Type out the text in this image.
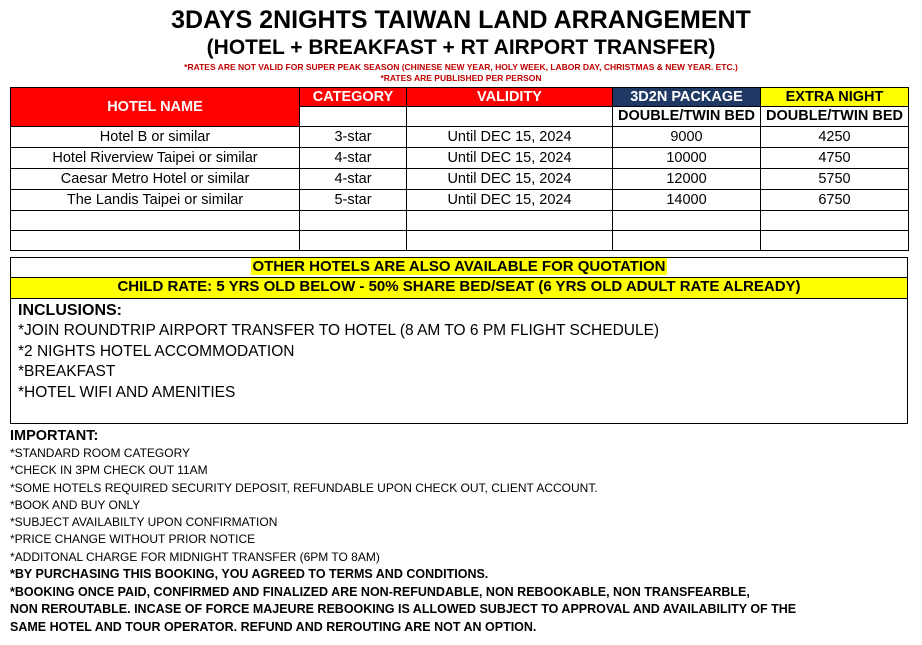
3DAYS 2NIGHTS TAIWAN LAND ARRANGEMENT
(HOTEL + BREAKFAST + RT AIRPORT TRANSFER)
*RATES ARE NOT VALID FOR SUPER PEAK SEASON (CHINESE NEW YEAR, HOLY WEEK, LABOR DAY, CHRISTMAS & NEW YEAR. ETC.)
*RATES ARE PUBLISHED PER PERSON
HOTEL NAME	CATEGORY	VALIDITY	3D2N PACKAGE	EXTRA NIGHT
			DOUBLE/TWIN BED	DOUBLE/TWIN BED
Hotel B or similar	3-star	Until DEC 15, 2024	9000	4250
Hotel Riverview Taipei or similar	4-star	Until DEC 15, 2024	10000	4750
Caesar Metro Hotel or similar	4-star	Until DEC 15, 2024	12000	5750
The Landis Taipei or similar	5-star	Until DEC 15, 2024	14000	6750

OTHER HOTELS ARE ALSO AVAILABLE FOR QUOTATION
CHILD RATE: 5 YRS OLD BELOW - 50% SHARE BED/SEAT (6 YRS OLD ADULT RATE ALREADY)
INCLUSIONS:
*JOIN ROUNDTRIP AIRPORT TRANSFER TO HOTEL (8 AM TO 6 PM FLIGHT SCHEDULE)
*2 NIGHTS HOTEL ACCOMMODATION
*BREAKFAST
*HOTEL WIFI AND AMENITIES
IMPORTANT:
*STANDARD ROOM CATEGORY
*CHECK IN 3PM CHECK OUT 11AM
*SOME HOTELS REQUIRED SECURITY DEPOSIT, REFUNDABLE UPON CHECK OUT, CLIENT ACCOUNT.
*BOOK AND BUY ONLY
*SUBJECT AVAILABILTY UPON CONFIRMATION
*PRICE CHANGE WITHOUT PRIOR NOTICE
*ADDITONAL CHARGE FOR MIDNIGHT TRANSFER (6PM TO 8AM)
*BY PURCHASING THIS BOOKING, YOU AGREED TO TERMS AND CONDITIONS.
*BOOKING ONCE PAID, CONFIRMED AND FINALIZED ARE NON-REFUNDABLE, NON REBOOKABLE, NON TRANSFEARBLE,
NON REROUTABLE. INCASE OF FORCE MAJEURE REBOOKING IS ALLOWED SUBJECT TO APPROVAL AND AVAILABILITY OF THE
SAME HOTEL AND TOUR OPERATOR. REFUND AND REROUTING ARE NOT AN OPTION.
